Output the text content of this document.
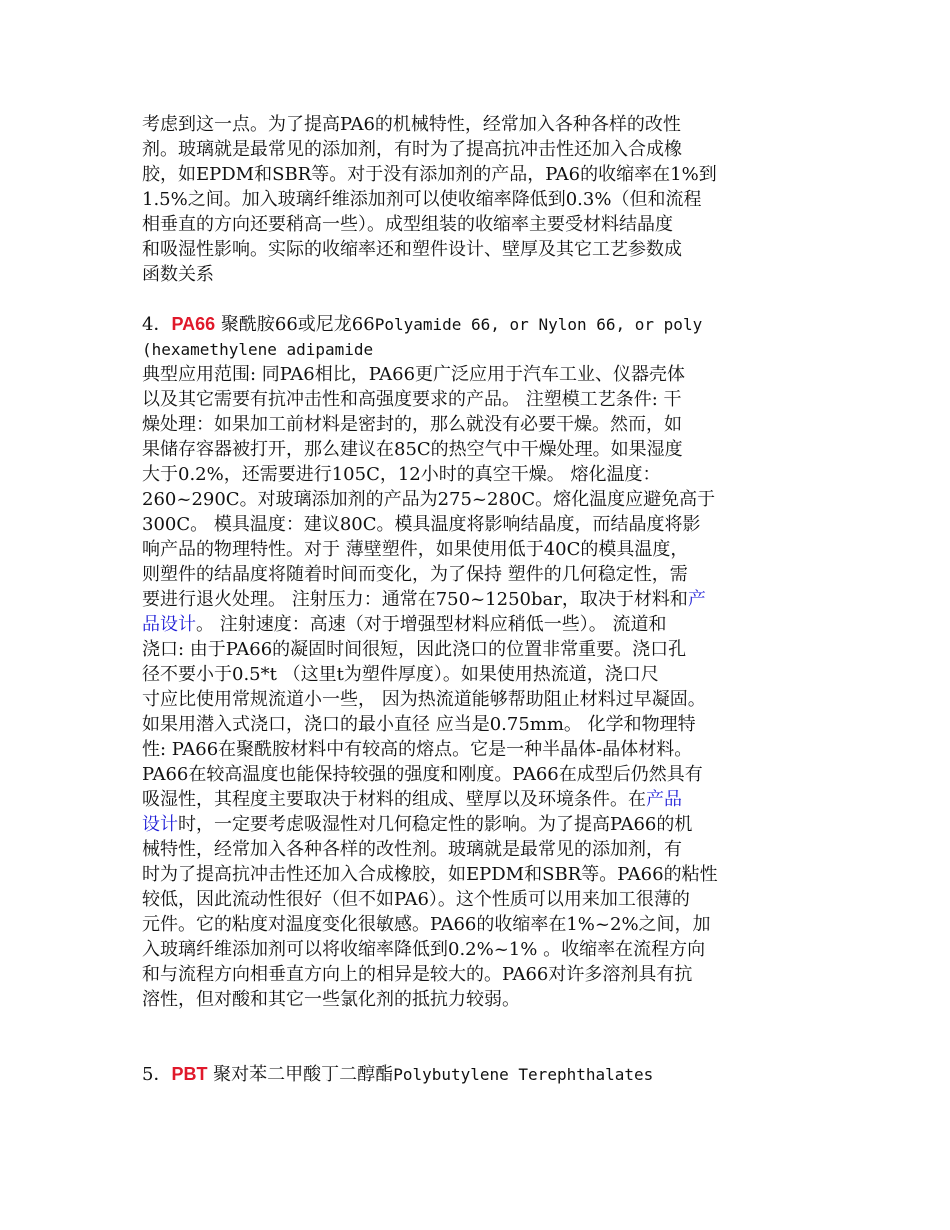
考虑到这一点。为了提高PA6的机械特性，经常加入各种各样的改性
剂。玻璃就是最常见的添加剂，有时为了提高抗冲击性还加入合成橡
胶，如EPDM和SBR等。对于没有添加剂的产品，PA6的收缩率在1%到
1.5%之间。加入玻璃纤维添加剂可以使收缩率降低到0.3%（但和流程
相垂直的方向还要稍高一些）。成型组装的收缩率主要受材料结晶度
和吸湿性影响。实际的收缩率还和塑件设计、壁厚及其它工艺参数成
函数关系
4．PA66 聚酰胺66或尼龙66Polyamide 66, or Nylon 66, or poly
(hexamethylene adipamide
典型应用范围: 同PA6相比，PA66更广泛应用于汽车工业、仪器壳体
以及其它需要有抗冲击性和高强度要求的产品。 注塑模工艺条件: 干
燥处理：如果加工前材料是密封的，那么就没有必要干燥。然而，如
果储存容器被打开，那么建议在85C的热空气中干燥处理。如果湿度
大于0.2%，还需要进行105C，12小时的真空干燥。 熔化温度：
260~290C。对玻璃添加剂的产品为275~280C。熔化温度应避免高于
300C。 模具温度：建议80C。模具温度将影响结晶度，而结晶度将影
响产品的物理特性。对于 薄壁塑件，如果使用低于40C的模具温度，
则塑件的结晶度将随着时间而变化，为了保持 塑件的几何稳定性，需
要进行退火处理。 注射压力：通常在750~1250bar，取决于材料和产
品设计。 注射速度：高速（对于增强型材料应稍低一些）。 流道和
浇口: 由于PA66的凝固时间很短，因此浇口的位置非常重要。浇口孔
径不要小于0.5*t （这里t为塑件厚度）。如果使用热流道，浇口尺
寸应比使用常规流道小一些， 因为热流道能够帮助阻止材料过早凝固。
如果用潜入式浇口，浇口的最小直径 应当是0.75mm。 化学和物理特
性: PA66在聚酰胺材料中有较高的熔点。它是一种半晶体-晶体材料。
PA66在较高温度也能保持较强的强度和刚度。PA66在成型后仍然具有
吸湿性，其程度主要取决于材料的组成、壁厚以及环境条件。在产品
设计时，一定要考虑吸湿性对几何稳定性的影响。为了提高PA66的机
械特性，经常加入各种各样的改性剂。玻璃就是最常见的添加剂，有
时为了提高抗冲击性还加入合成橡胶，如EPDM和SBR等。PA66的粘性
较低，因此流动性很好（但不如PA6）。这个性质可以用来加工很薄的
元件。它的粘度对温度变化很敏感。PA66的收缩率在1%~2%之间，加
入玻璃纤维添加剂可以将收缩率降低到0.2%~1% 。收缩率在流程方向
和与流程方向相垂直方向上的相异是较大的。PA66对许多溶剂具有抗
溶性，但对酸和其它一些氯化剂的抵抗力较弱。
5．PBT 聚对苯二甲酸丁二醇酯Polybutylene Terephthalates
